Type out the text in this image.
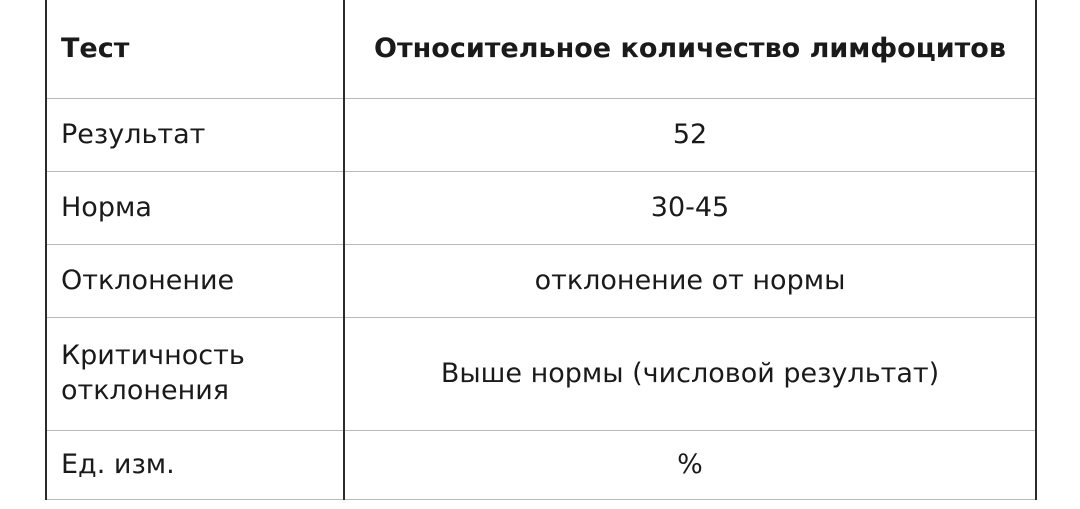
Тест	Относительное количество лимфоцитов
Результат	52
Норма	30-45
Отклонение	отклонение от нормы
Критичность отклонения	Выше нормы (числовой результат)
Ед. изм.	%
